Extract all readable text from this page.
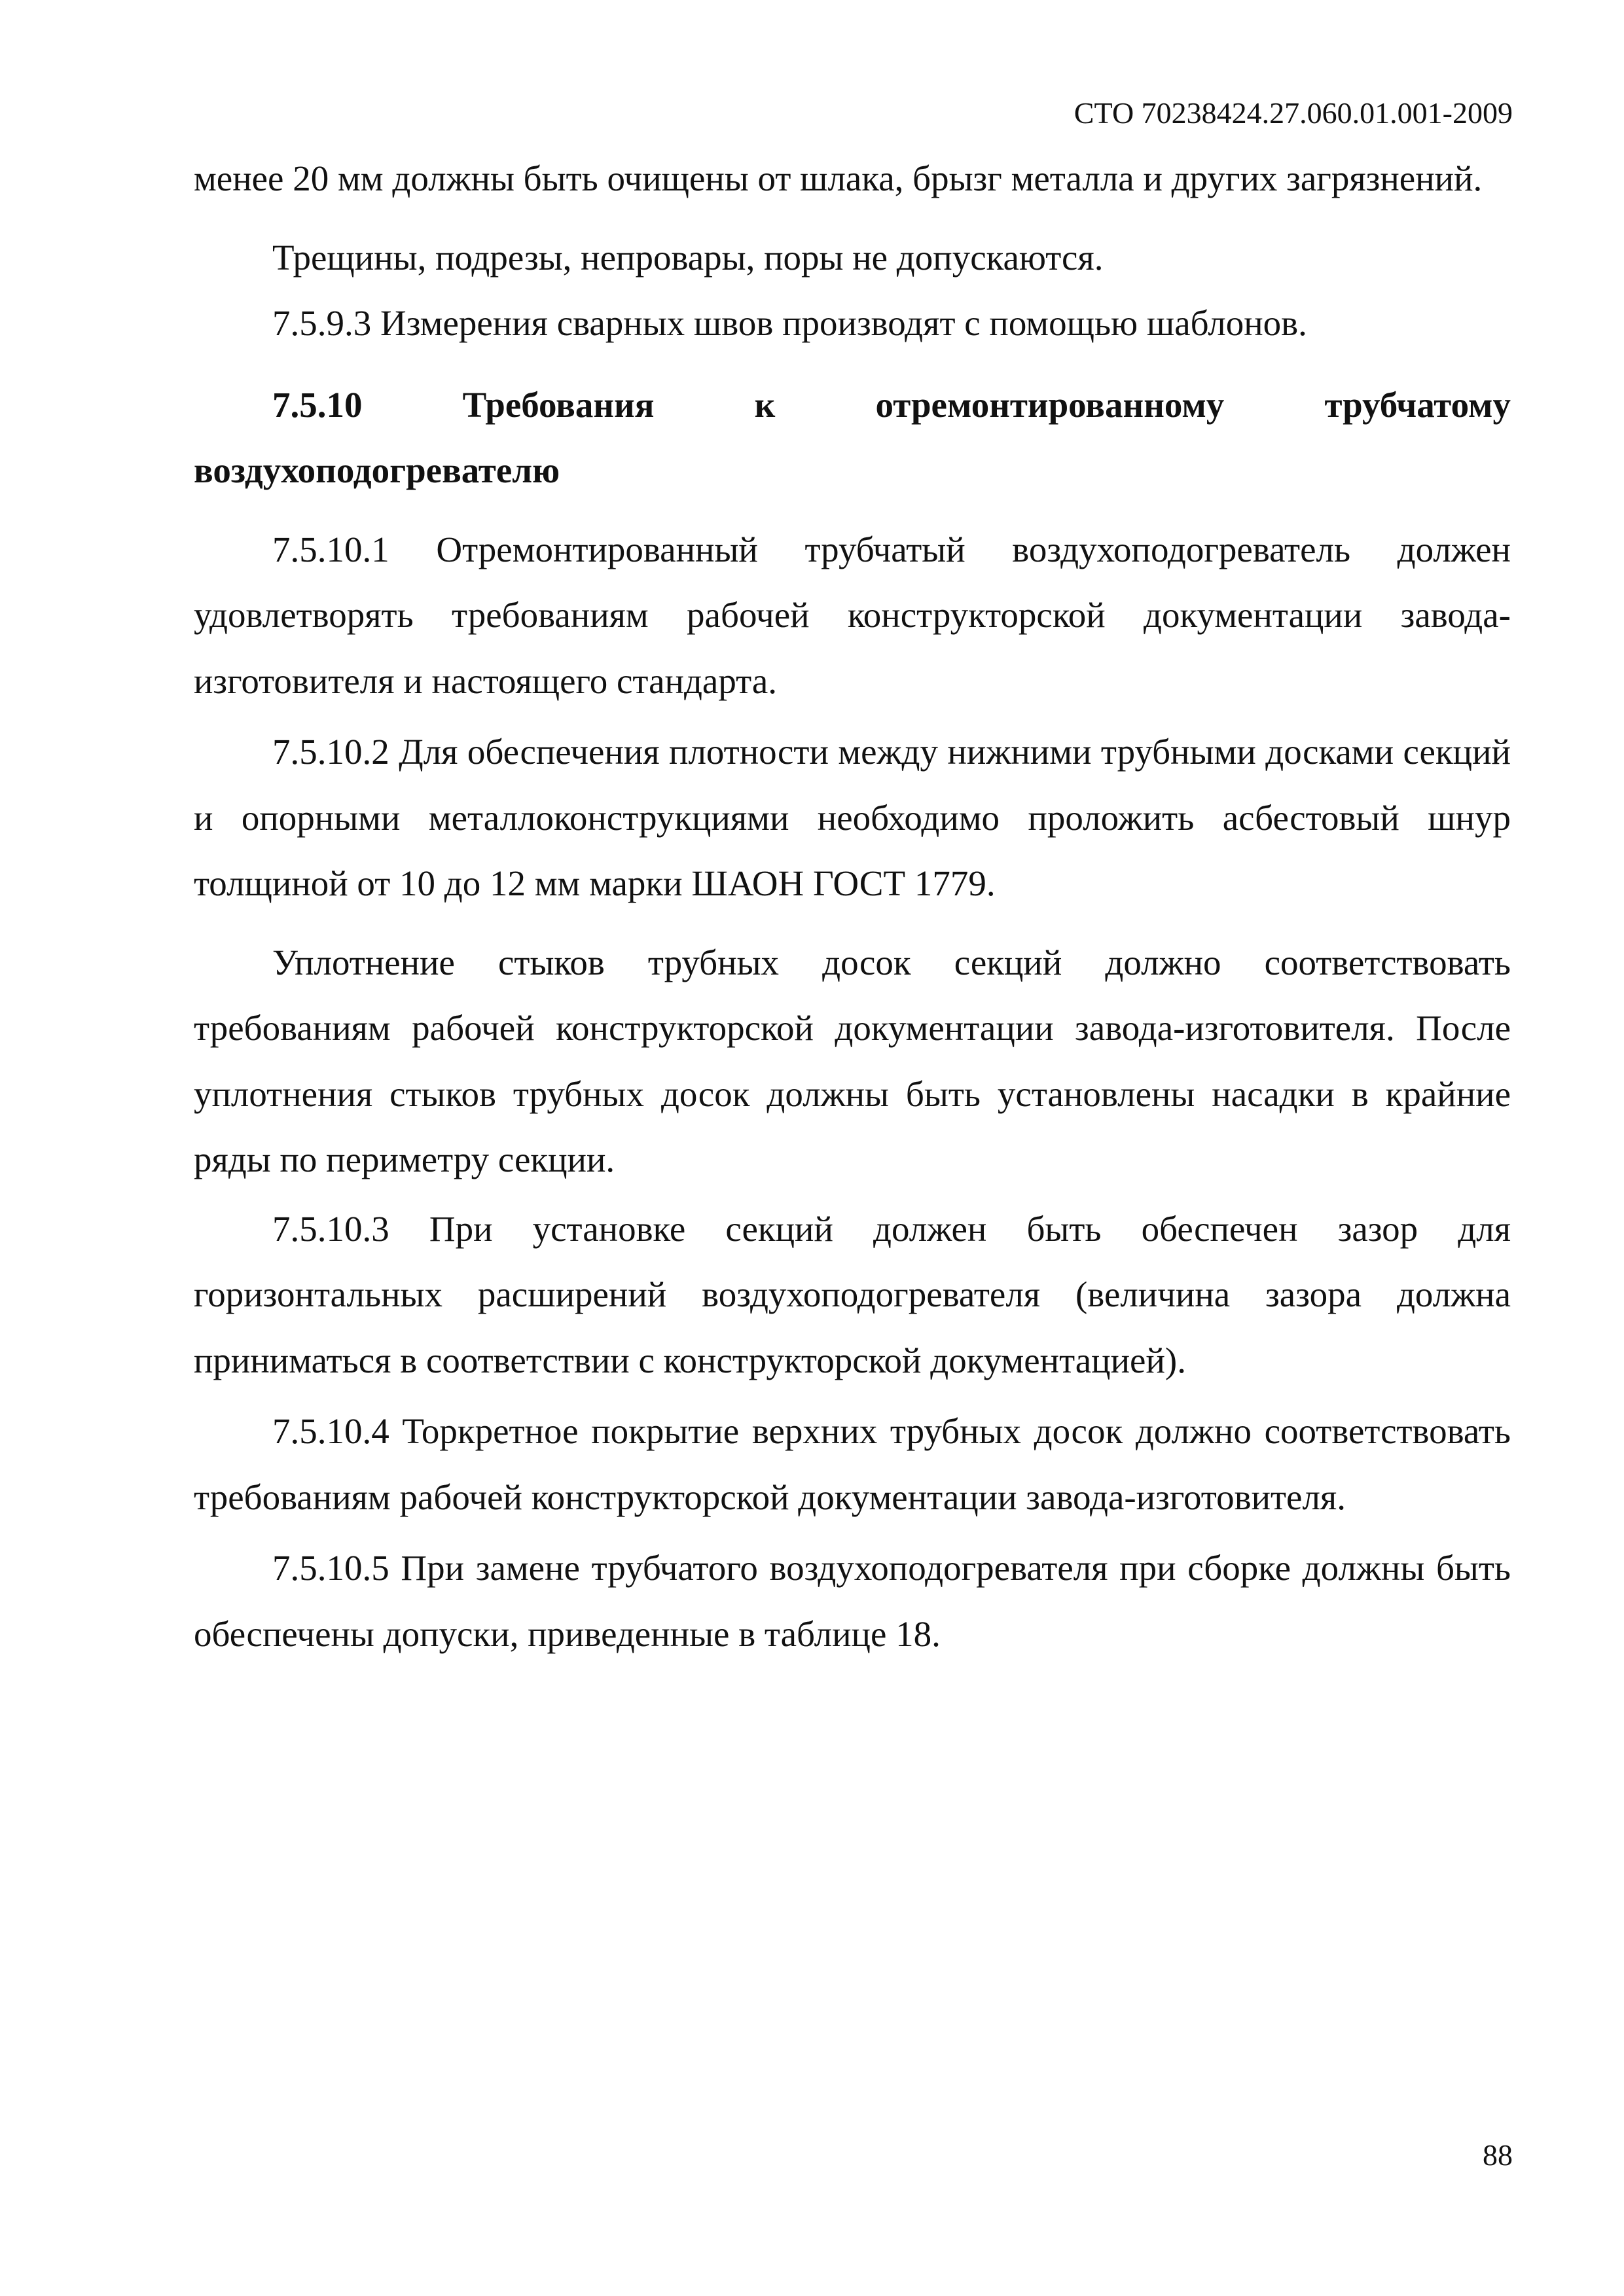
СТО 70238424.27.060.01.001-2009

менее 20 мм должны быть очищены от шлака, брызг металла и других загрязнений.

Трещины, подрезы, непровары, поры не допускаются.

7.5.9.3 Измерения сварных швов производят с помощью шаблонов.

7.5.10 Требования к отремонтированному трубчатому воздухоподогревателю

7.5.10.1 Отремонтированный трубчатый воздухоподогреватель должен удовлетворять требованиям рабочей конструкторской документации завода-изготовителя и настоящего стандарта.

7.5.10.2 Для обеспечения плотности между нижними трубными досками секций и опорными металлоконструкциями необходимо проложить асбестовый шнур толщиной от 10 до 12 мм марки ШАОН ГОСТ 1779.

Уплотнение стыков трубных досок секций должно соответствовать требованиям рабочей конструкторской документации завода-изготовителя. После уплотнения стыков трубных досок должны быть установлены насадки в крайние ряды по периметру секции.

7.5.10.3 При установке секций должен быть обеспечен зазор для горизонтальных расширений воздухоподогревателя (величина зазора должна приниматься в соответствии с конструкторской документацией).

7.5.10.4 Торкретное покрытие верхних трубных досок должно соответствовать требованиям рабочей конструкторской документации завода-изготовителя.

7.5.10.5 При замене трубчатого воздухоподогревателя при сборке должны быть обеспечены допуски, приведенные в таблице 18.

88
